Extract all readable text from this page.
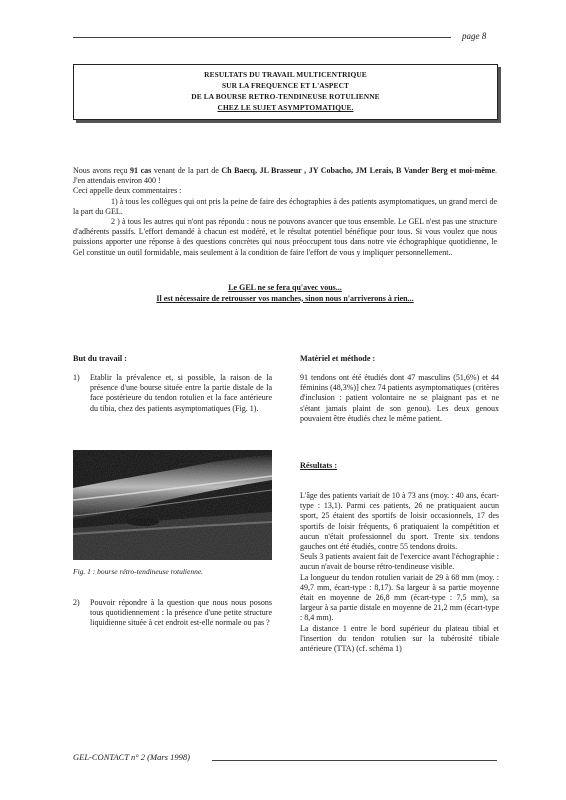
page 8
RESULTATS DU TRAVAIL MULTICENTRIQUE
SUR LA FREQUENCE ET L'ASPECT
DE LA BOURSE RETRO-TENDINEUSE ROTULIENNE
CHEZ LE SUJET ASYMPTOMATIQUE.

Nous avons reçu 91 cas venant de la part de Ch Baecq, JL Brasseur , JY Cobacho, JM Lerais, B Vander Berg et moi-même. J'en attendais environ 400 !

Ceci appelle deux commentaires :

1) à tous les collègues qui ont pris la peine de faire des échographies à des patients asymptomatiques, un grand merci de la part du GEL.

2 ) à tous les autres qui n'ont pas répondu : nous ne pouvons avancer que tous ensemble. Le GEL n'est pas une structure d'adhérents passifs. L'effort demandé à chacun est modéré, et le résultat potentiel bénéfique pour tous. Si vous voulez que nous puissions apporter une réponse à des questions concrètes qui nous préoccupent tous dans notre vie échographique quotidienne, le Gel constitue un outil formidable, mais seulement à la condition de faire l'effort de vous y impliquer personnellement..

Le GEL ne se fera qu'avec vous...
Il est nécessaire de retrousser vos manches, sinon nous n'arriverons à rien...
But du travail :
1)	Etablir la prévalence et, si possible, la raison de la présence d'une bourse située entre la partie distale de la face postérieure du tendon rotulien et la face antérieure du tibia, chez des patients asymptomatiques (Fig. 1).
Fig. 1 : bourse rétro-tendineuse rotulienne.
2)	Pouvoir répondre à la question que nous nous posons tous quotidiennement : la présence d'une petite structure liquidienne située à cet endroit est-elle normale ou pas ?
Matériel et méthode :
91 tendons ont été étudiés dont 47 masculins (51,6%) et 44 féminins (48,3%)] chez 74 patients asymptomatiques (critères d'inclusion : patient volontaire ne se plaignant pas et ne s'étant jamais plaint de son genou). Les deux genoux pouvaient être étudiés chez le même patient.
Résultats :
L'âge des patients variait de 10 à 73 ans (moy. : 40 ans, écart-type : 13,1). Parmi ces patients, 26 ne pratiquaient aucun sport, 25 étaient des sportifs de loisir occasionnels, 17 des sportifs de loisir fréquents, 6 pratiquaient la compétition et aucun n'était professionnel du sport. Trente six tendons gauches ont été étudiés, contre 55 tendons droits.
Seuls 3 patients avaient fait de l'exercice avant l'échographie : aucun n'avait de bourse rétro-tendineuse visible.
La longueur du tendon rotulien variait de 29 à 68 mm (moy. : 49,7 mm, écart-type : 8,17). Sa largeur à sa partie moyenne était en moyenne de 26,8 mm (écart-type : 7,5 mm), sa largeur à sa partie distale en moyenne de 21,2 mm (écart-type : 8,4 mm).
La distance 1 entre le bord supérieur du plateau tibial et l'insertion du tendon rotulien sur la tubérosité tibiale antérieure (TTA) (cf. schéma 1)
GEL-CONTACT n° 2 (Mars 1998)
